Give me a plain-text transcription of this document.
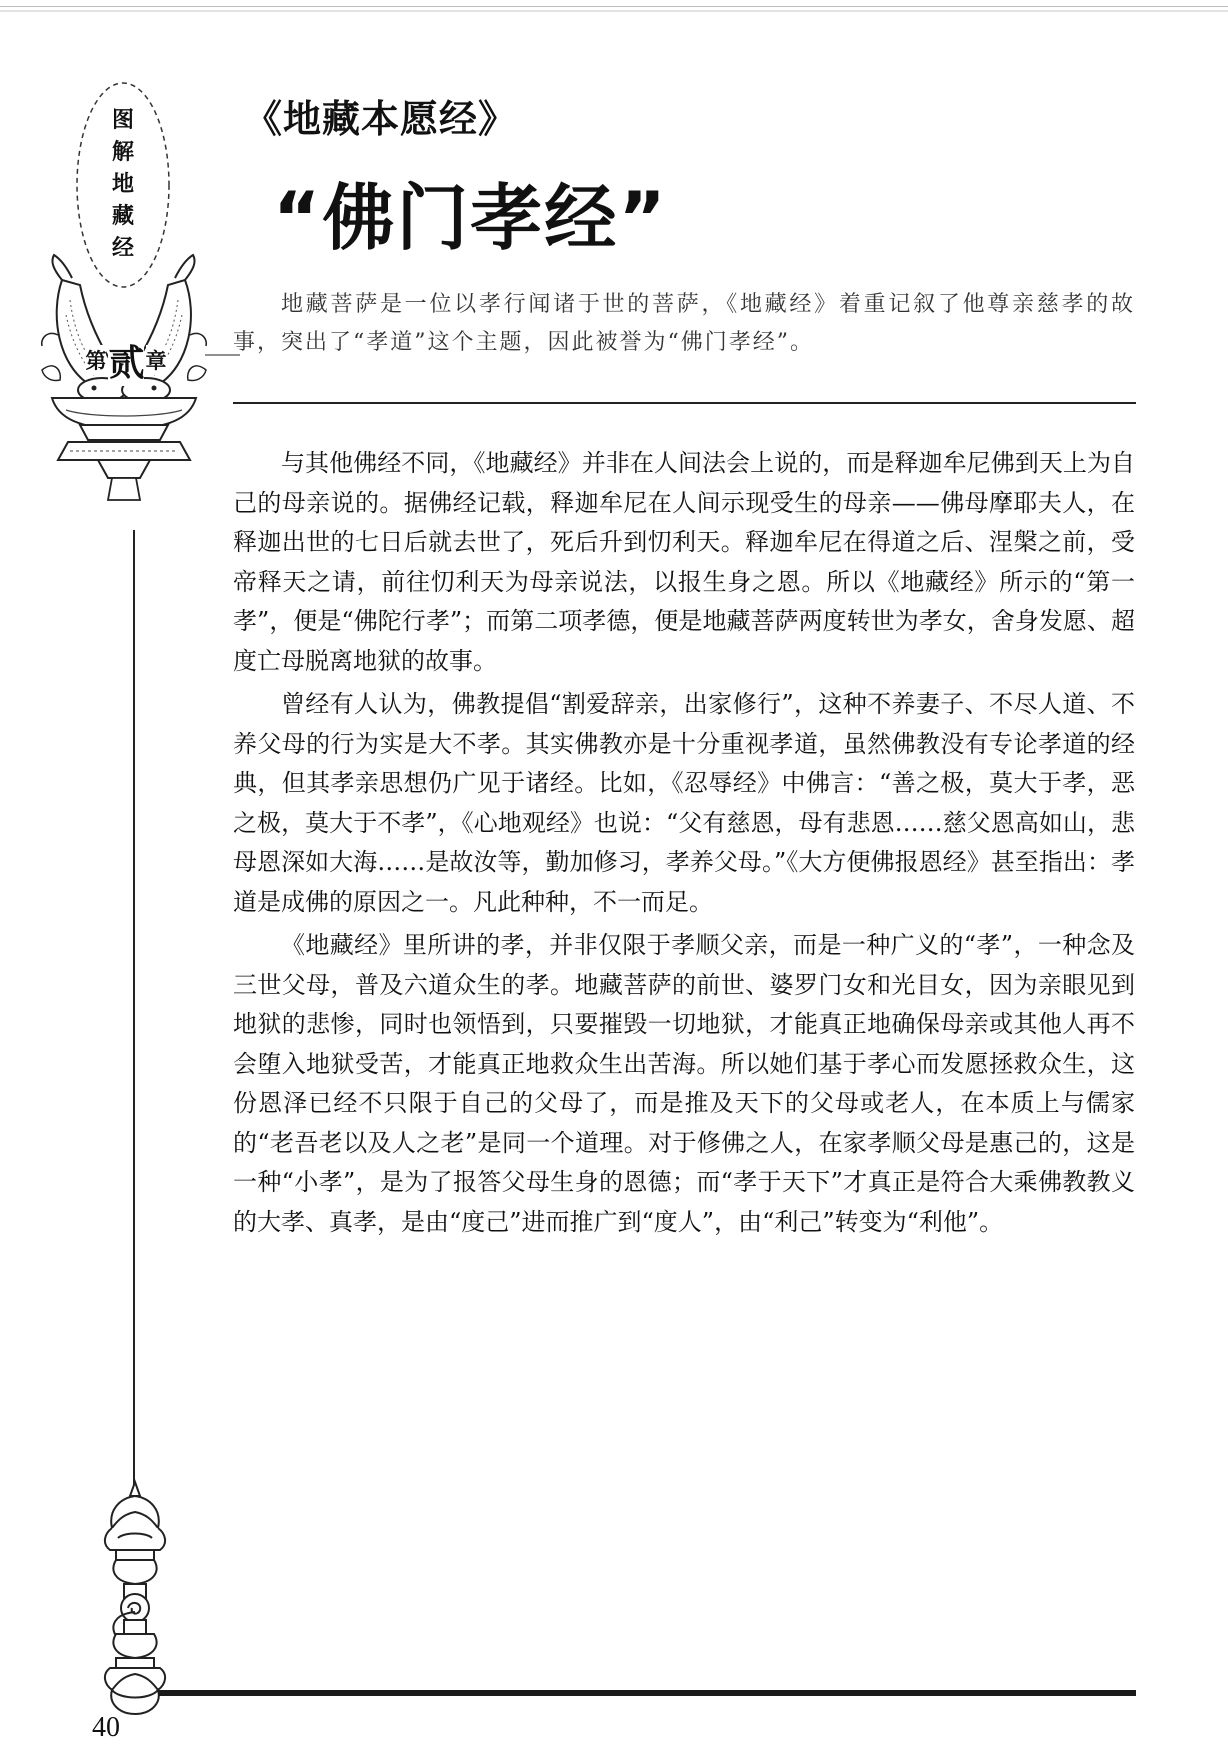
图
解
地
藏
经
第 贰 章
《地藏本愿经》
“佛门孝经”

地藏菩萨是一位以孝行闻诸于世的菩萨，《地藏经》着重记叙了他尊亲慈孝的故事，突出了“孝道”这个主题，因此被誉为“佛门孝经”。

与其他佛经不同，《地藏经》并非在人间法会上说的，而是释迦牟尼佛到天上为自己的母亲说的。据佛经记载，释迦牟尼在人间示现受生的母亲——佛母摩耶夫人，在释迦出世的七日后就去世了，死后升到忉利天。释迦牟尼在得道之后、涅槃之前，受帝释天之请，前往忉利天为母亲说法，以报生身之恩。所以《地藏经》所示的“第一孝”，便是“佛陀行孝”；而第二项孝德，便是地藏菩萨两度转世为孝女，舍身发愿、超度亡母脱离地狱的故事。

曾经有人认为，佛教提倡“割爱辞亲，出家修行”，这种不养妻子、不尽人道、不养父母的行为实是大不孝。其实佛教亦是十分重视孝道，虽然佛教没有专论孝道的经典，但其孝亲思想仍广见于诸经。比如，《忍辱经》中佛言：“善之极，莫大于孝，恶之极，莫大于不孝”，《心地观经》也说：“父有慈恩，母有悲恩……慈父恩高如山，悲母恩深如大海……是故汝等，勤加修习，孝养父母。”《大方便佛报恩经》甚至指出：孝道是成佛的原因之一。凡此种种，不一而足。

《地藏经》里所讲的孝，并非仅限于孝顺父亲，而是一种广义的“孝”，一种念及三世父母，普及六道众生的孝。地藏菩萨的前世、婆罗门女和光目女，因为亲眼见到地狱的悲惨，同时也领悟到，只要摧毁一切地狱，才能真正地确保母亲或其他人再不会堕入地狱受苦，才能真正地救众生出苦海。所以她们基于孝心而发愿拯救众生，这份恩泽已经不只限于自己的父母了，而是推及天下的父母或老人，在本质上与儒家的“老吾老以及人之老”是同一个道理。对于修佛之人，在家孝顺父母是惠己的，这是一种“小孝”，是为了报答父母生身的恩德；而“孝于天下”才真正是符合大乘佛教教义的大孝、真孝，是由“度己”进而推广到“度人”，由“利己”转变为“利他”。

40
